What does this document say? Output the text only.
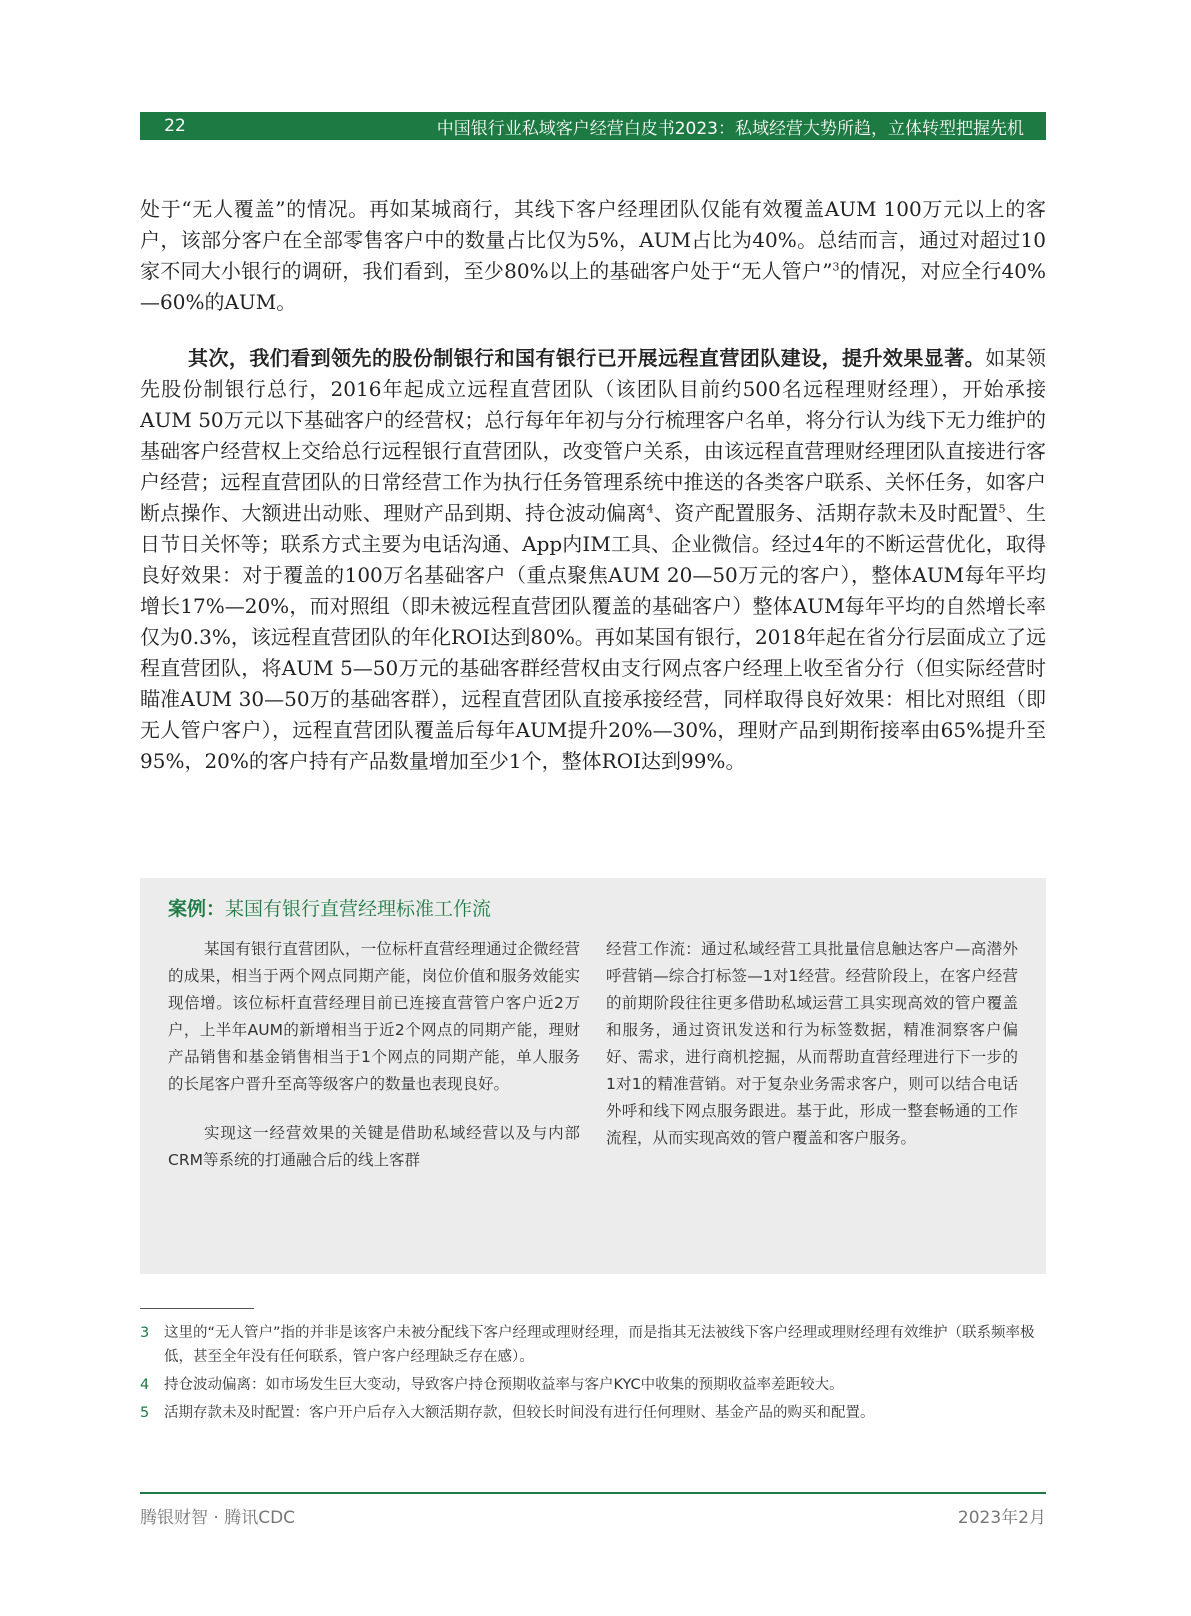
22	中国银行业私域客户经营白皮书2023：私域经营大势所趋，立体转型把握先机

处于“无人覆盖”的情况。再如某城商行，其线下客户经理团队仅能有效覆盖AUM 100万元以上的客户，该部分客户在全部零售客户中的数量占比仅为5%，AUM占比为40%。总结而言，通过对超过10家不同大小银行的调研，我们看到，至少80%以上的基础客户处于“无人管户”$^3$的情况，对应全行40%—60%的AUM。

其次，我们看到领先的股份制银行和国有银行已开展远程直营团队建设，提升效果显著。如某领先股份制银行总行，2016年起成立远程直营团队（该团队目前约500名远程理财经理），开始承接AUM 50万元以下基础客户的经营权；总行每年年初与分行梳理客户名单，将分行认为线下无力维护的基础客户经营权上交给总行远程银行直营团队，改变管户关系，由该远程直营理财经理团队直接进行客户经营；远程直营团队的日常经营工作为执行任务管理系统中推送的各类客户联系、关怀任务，如客户断点操作、大额进出动账、理财产品到期、持仓波动偏离$^4$、资产配置服务、活期存款未及时配置$^5$、生日节日关怀等；联系方式主要为电话沟通、App内IM工具、企业微信。经过4年的不断运营优化，取得良好效果：对于覆盖的100万名基础客户（重点聚焦AUM 20—50万元的客户），整体AUM每年平均增长17%—20%，而对照组（即未被远程直营团队覆盖的基础客户）整体AUM每年平均的自然增长率仅为0.3%，该远程直营团队的年化ROI达到80%。再如某国有银行，2018年起在省分行层面成立了远程直营团队，将AUM 5—50万元的基础客群经营权由支行网点客户经理上收至省分行（但实际经营时瞄准AUM 30—50万的基础客群），远程直营团队直接承接经营，同样取得良好效果：相比对照组（即无人管户客户），远程直营团队覆盖后每年AUM提升20%—30%，理财产品到期衔接率由65%提升至95%，20%的客户持有产品数量增加至少1个，整体ROI达到99%。

案例：某国有银行直营经理标准工作流

某国有银行直营团队，一位标杆直营经理通过企微经营的成果，相当于两个网点同期产能，岗位价值和服务效能实现倍增。该位标杆直营经理目前已连接直营管户客户近2万户，上半年AUM的新增相当于近2个网点的同期产能，理财产品销售和基金销售相当于1个网点的同期产能，单人服务的长尾客户晋升至高等级客户的数量也表现良好。

实现这一经营效果的关键是借助私域经营以及与内部CRM等系统的打通融合后的线上客群

经营工作流：通过私域经营工具批量信息触达客户—高潜外呼营销—综合打标签—1对1经营。经营阶段上，在客户经营的前期阶段往往更多借助私域运营工具实现高效的管户覆盖和服务，通过资讯发送和行为标签数据，精准洞察客户偏好、需求，进行商机挖掘，从而帮助直营经理进行下一步的1对1的精准营销。对于复杂业务需求客户，则可以结合电话外呼和线下网点服务跟进。基于此，形成一整套畅通的工作流程，从而实现高效的管户覆盖和客户服务。

3	这里的“无人管户”指的并非是该客户未被分配线下客户经理或理财经理，而是指其无法被线下客户经理或理财经理有效维护（联系频率极低，甚至全年没有任何联系，管户客户经理缺乏存在感）。
4	持仓波动偏离：如市场发生巨大变动，导致客户持仓预期收益率与客户KYC中收集的预期收益率差距较大。
5	活期存款未及时配置：客户开户后存入大额活期存款，但较长时间没有进行任何理财、基金产品的购买和配置。
腾银财智 · 腾讯CDC	2023年2月
